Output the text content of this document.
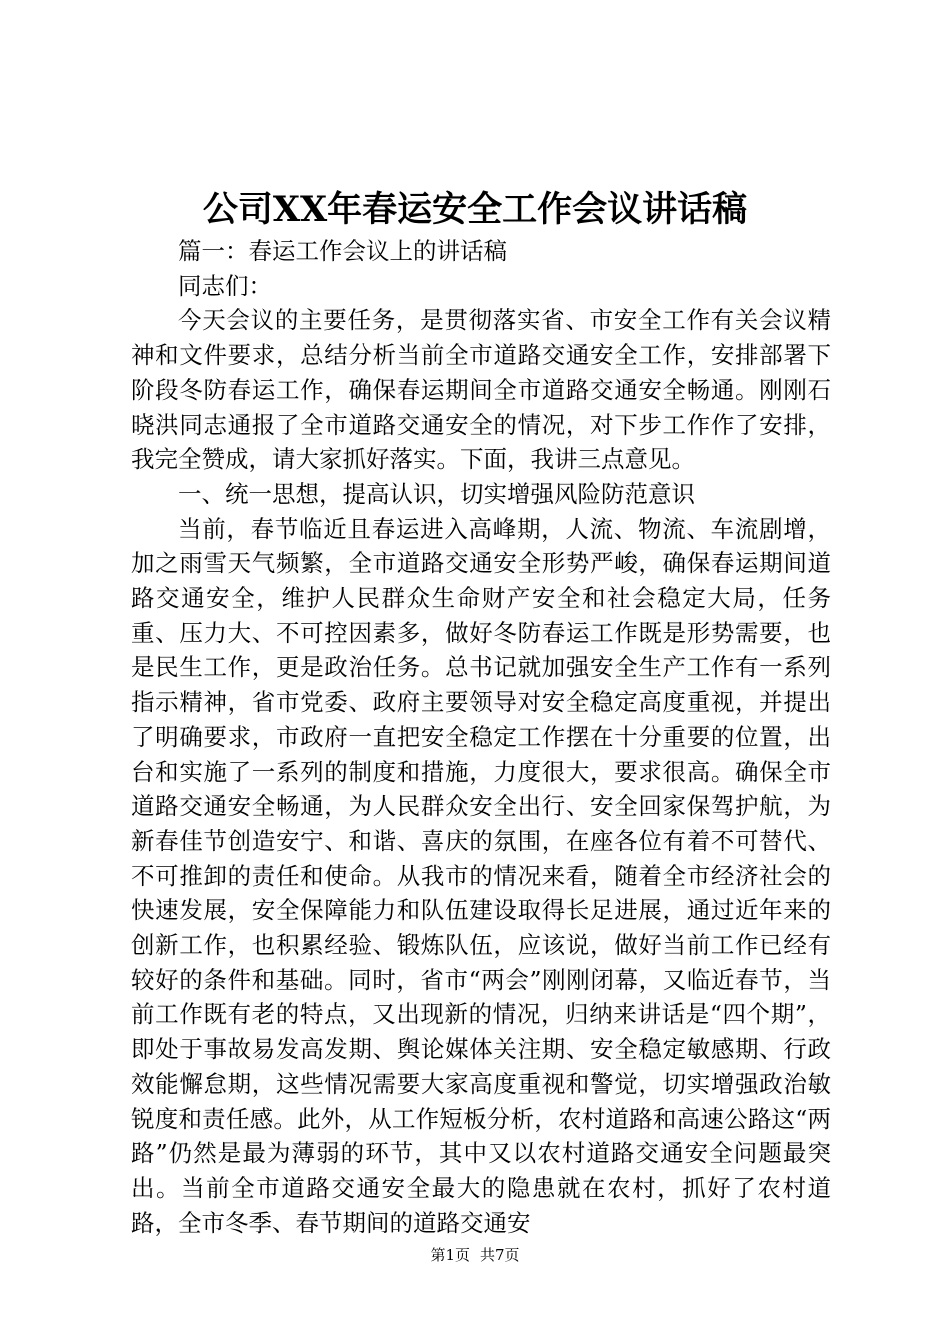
公司XX年春运安全工作会议讲话稿

篇一：春运工作会议上的讲话稿

同志们：

今天会议的主要任务，是贯彻落实省、市安全工作有关会议精神和文件要求，总结分析当前全市道路交通安全工作，安排部署下阶段冬防春运工作，确保春运期间全市道路交通安全畅通。刚刚石晓洪同志通报了全市道路交通安全的情况，对下步工作作了安排，我完全赞成，请大家抓好落实。下面，我讲三点意见。

一、统一思想，提高认识，切实增强风险防范意识

当前，春节临近且春运进入高峰期，人流、物流、车流剧增，加之雨雪天气频繁，全市道路交通安全形势严峻，确保春运期间道路交通安全，维护人民群众生命财产安全和社会稳定大局，任务重、压力大、不可控因素多，做好冬防春运工作既是形势需要，也是民生工作，更是政治任务。总书记就加强安全生产工作有一系列指示精神，省市党委、政府主要领导对安全稳定高度重视，并提出了明确要求，市政府一直把安全稳定工作摆在十分重要的位置，出台和实施了一系列的制度和措施，力度很大，要求很高。确保全市道路交通安全畅通，为人民群众安全出行、安全回家保驾护航，为新春佳节创造安宁、和谐、喜庆的氛围，在座各位有着不可替代、不可推卸的责任和使命。从我市的情况来看，随着全市经济社会的快速发展，安全保障能力和队伍建设取得长足进展，通过近年来的创新工作，也积累经验、锻炼队伍，应该说，做好当前工作已经有较好的条件和基础。同时，省市“两会”刚刚闭幕，又临近春节，当前工作既有老的特点，又出现新的情况，归纳来讲话是“四个期”，即处于事故易发高发期、舆论媒体关注期、安全稳定敏感期、行政效能懈怠期，这些情况需要大家高度重视和警觉，切实增强政治敏锐度和责任感。此外，从工作短板分析，农村道路和高速公路这“两路”仍然是最为薄弱的环节，其中又以农村道路交通安全问题最突出。当前全市道路交通安全最大的隐患就在农村，抓好了农村道路，全市冬季、春节期间的道路交通安

第1页 共7页
